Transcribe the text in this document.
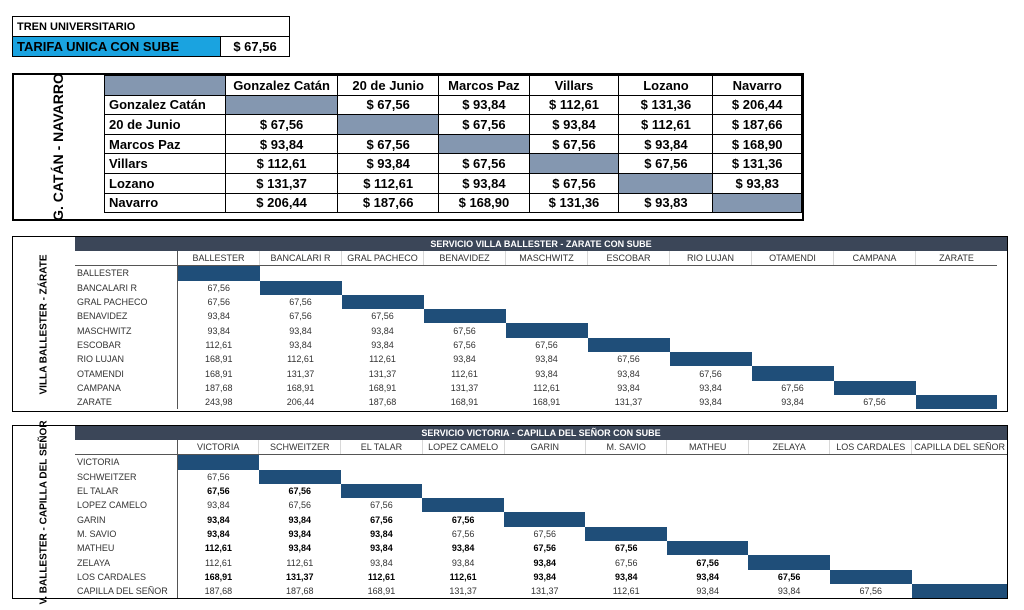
TREN UNIVERSITARIO
TARIFA UNICA CON SUBE	$ 67,56
G. CATÁN - NAVARRO
		Gonzalez Catán	20 de Junio	Marcos Paz	Villars	Lozano	Navarro
Gonzalez Catán		$ 67,56	$ 93,84	$ 112,61	$ 131,36	$ 206,44
20 de Junio	$ 67,56		$ 67,56	$ 93,84	$ 112,61	$ 187,66
Marcos Paz	$ 93,84	$ 67,56		$ 67,56	$ 93,84	$ 168,90
Villars	$ 112,61	$ 93,84	$ 67,56		$ 67,56	$ 131,36
Lozano	$ 131,37	$ 112,61	$ 93,84	$ 67,56		$ 93,83
Navarro	$ 206,44	$ 187,66	$ 168,90	$ 131,36	$ 93,83	
VILLA BALLESTER - ZÁRATE
SERVICIO VILLA BALLESTER - ZARATE CON SUBE
	BALLESTER	BANCALARI R	GRAL PACHECO	BENAVIDEZ	MASCHWITZ	ESCOBAR	RIO LUJAN	OTAMENDI	CAMPANA	ZARATE
BALLESTER										
BANCALARI R	67,56									
GRAL PACHECO	67,56	67,56								
BENAVIDEZ	93,84	67,56	67,56							
MASCHWITZ	93,84	93,84	93,84	67,56						
ESCOBAR	112,61	93,84	93,84	67,56	67,56					
RIO LUJAN	168,91	112,61	112,61	93,84	93,84	67,56				
OTAMENDI	168,91	131,37	131,37	112,61	93,84	93,84	67,56			
CAMPANA	187,68	168,91	168,91	131,37	112,61	93,84	93,84	67,56		
ZARATE	243,98	206,44	187,68	168,91	168,91	131,37	93,84	93,84	67,56	
V. BALLESTER - CAPILLA DEL SEÑOR	SERVICIO VICTORIA - CAPILLA DEL SEÑOR CON SUBE
	VICTORIA	SCHWEITZER	EL TALAR	LOPEZ CAMELO	GARIN	M. SAVIO	MATHEU	ZELAYA	LOS CARDALES	CAPILLA DEL SEÑOR
VICTORIA										
SCHWEITZER	67,56									
EL TALAR	67,56	67,56								
LOPEZ CAMELO	93,84	67,56	67,56							
GARIN	93,84	93,84	67,56	67,56						
M. SAVIO	93,84	93,84	93,84	67,56	67,56					
MATHEU	112,61	93,84	93,84	93,84	67,56	67,56				
ZELAYA	112,61	112,61	93,84	93,84	93,84	67,56	67,56			
LOS CARDALES	168,91	131,37	112,61	112,61	93,84	93,84	93,84	67,56		
CAPILLA DEL SEÑOR	187,68	187,68	168,91	131,37	131,37	112,61	93,84	93,84	67,56	
